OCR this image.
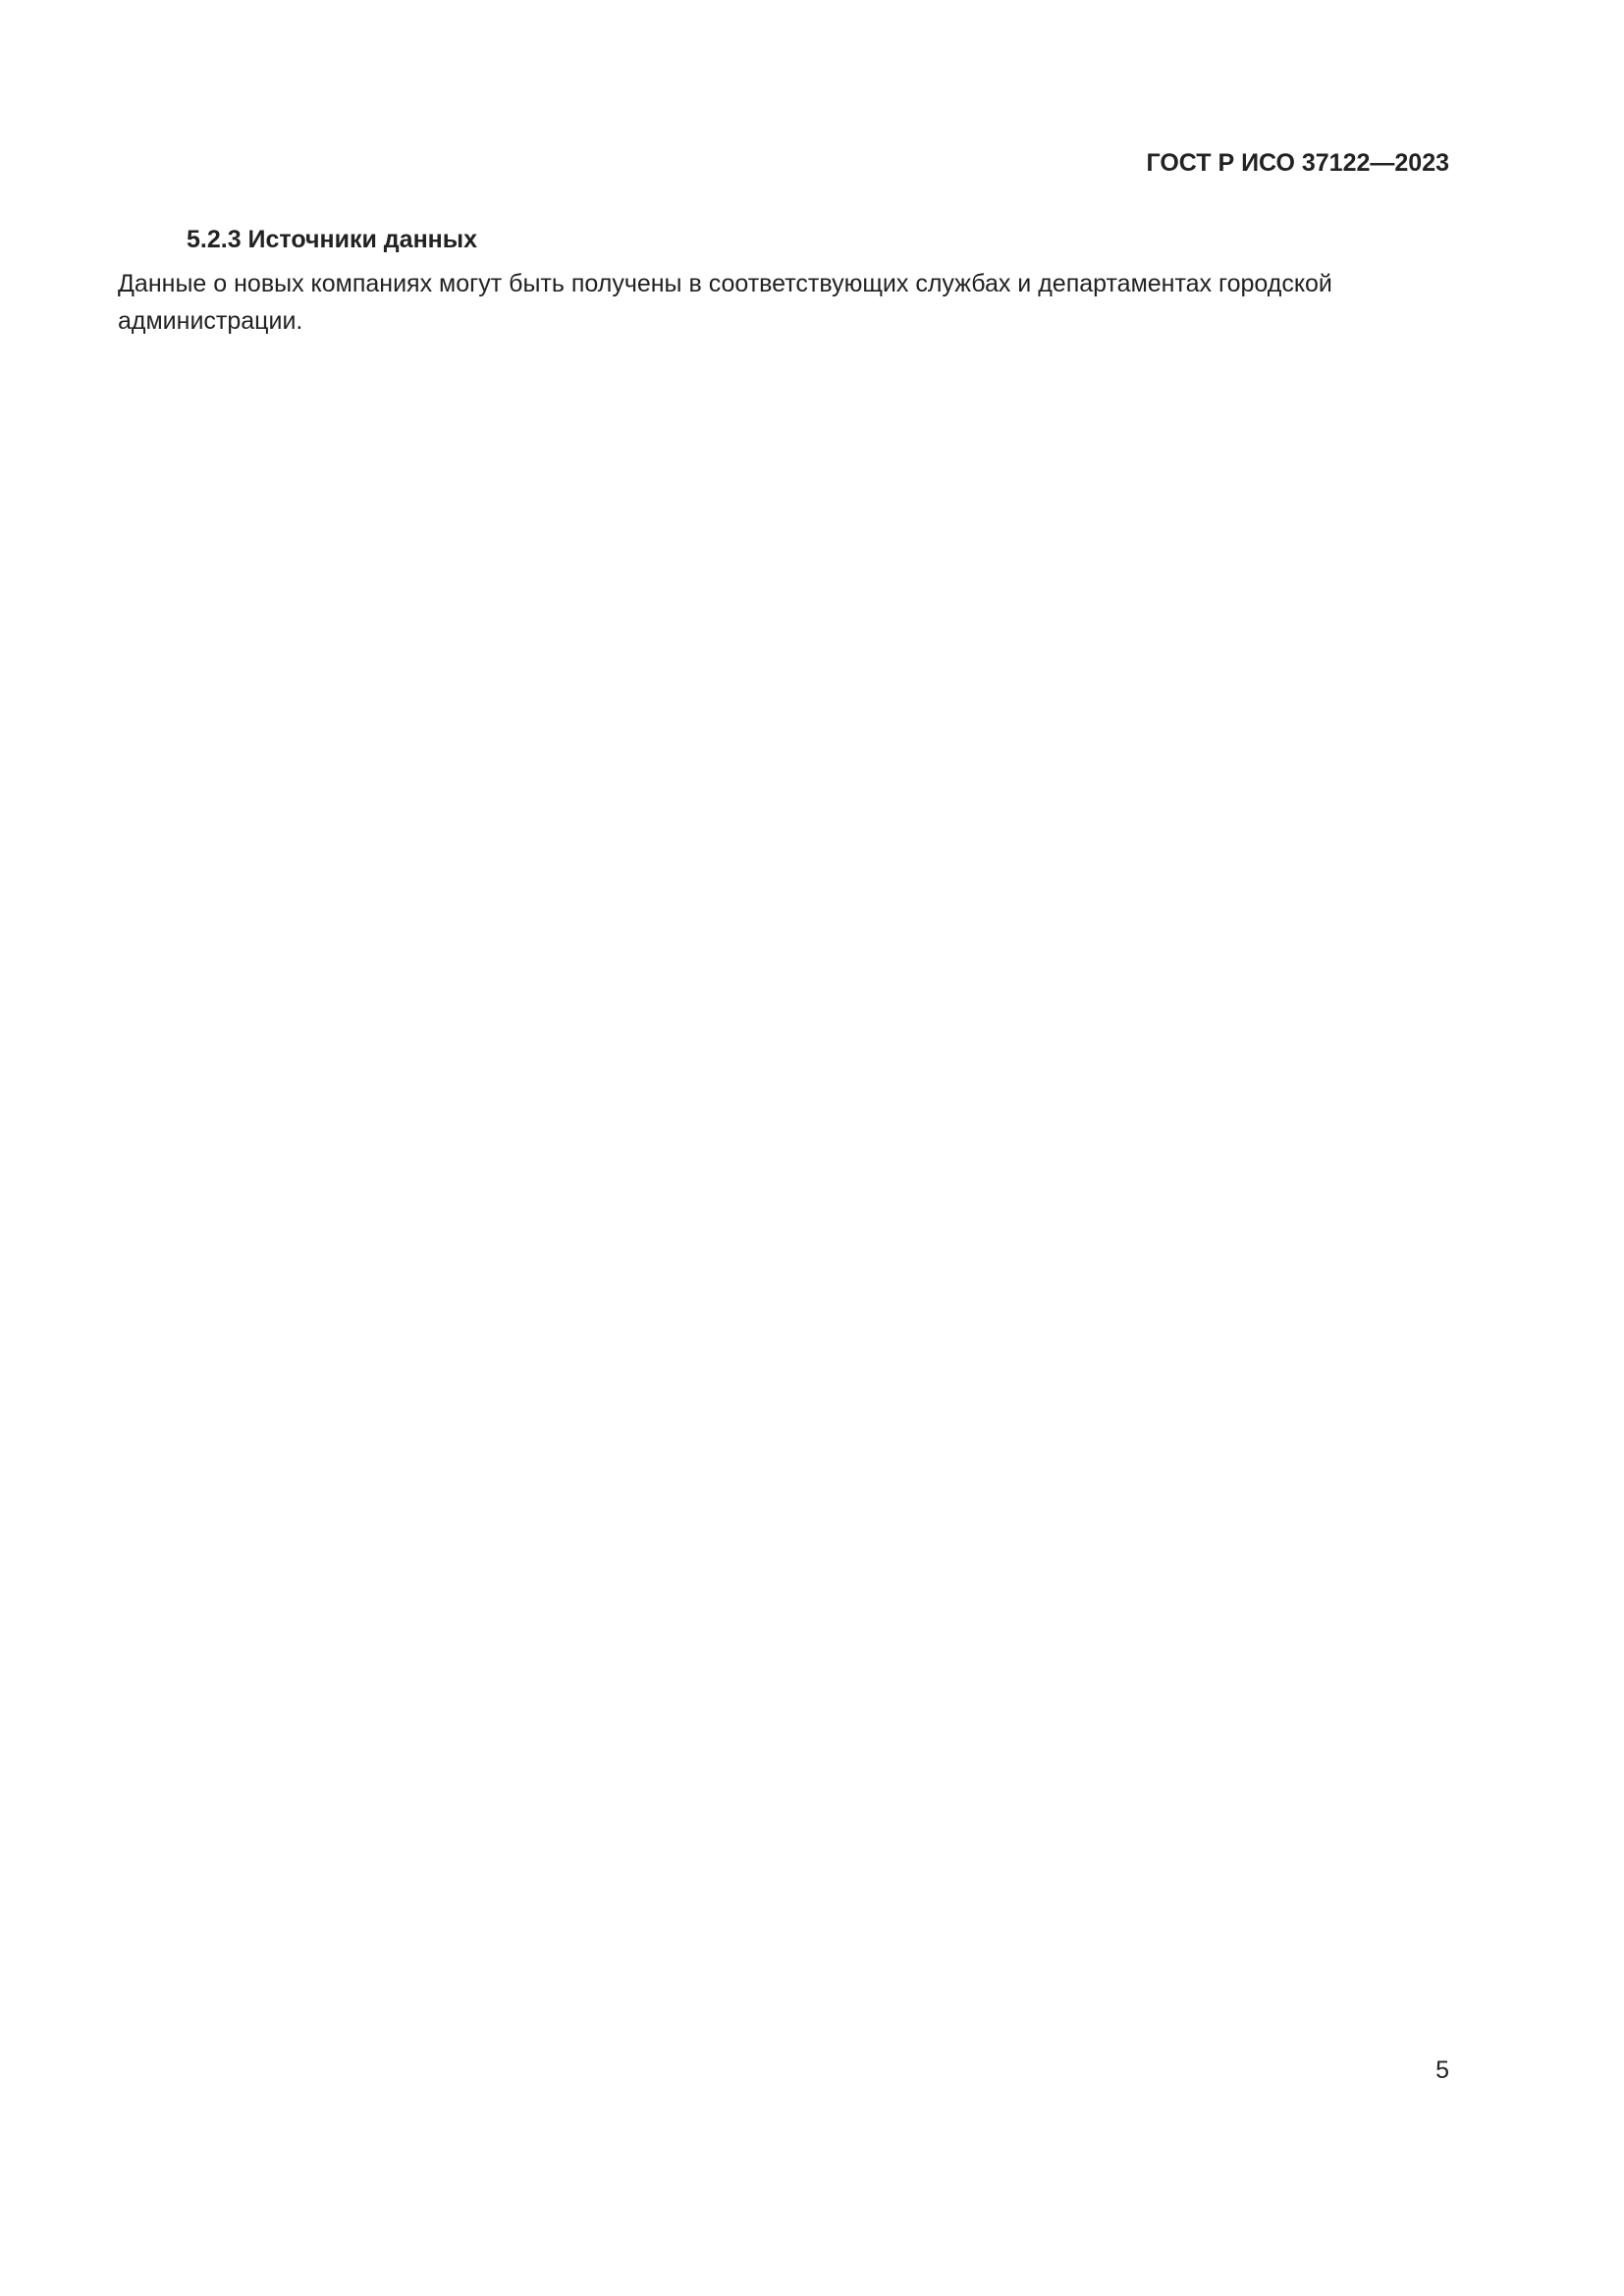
ГОСТ Р ИСО 37122—2023
5.2.3 Источники данных
Данные о новых компаниях могут быть получены в соответствующих службах и департаментах городской администрации.
5
